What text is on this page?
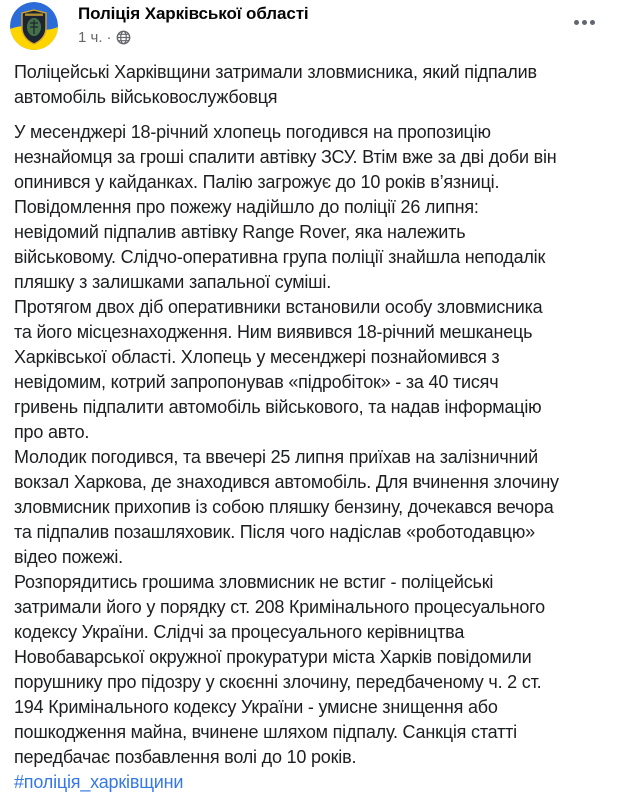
Поліція Харківської області
1 ч. ·
Поліцейські Харківщини затримали зловмисника, який підпалив
автомобіль військовослужбовця
У месенджері 18-річний хлопець погодився на пропозицію
незнайомця за гроші спалити автівку ЗСУ. Втім вже за дві доби він
опинився у кайданках. Палію загрожує до 10 років в’язниці.
Повідомлення про пожежу надійшло до поліції 26 липня:
невідомий підпалив автівку Range Rover, яка належить
військовому. Слідчо-оперативна група поліції знайшла неподалік
пляшку з залишками запальної суміші.
Протягом двох діб оперативники встановили особу зловмисника
та його місцезнаходження. Ним виявився 18-річний мешканець
Харківської області. Хлопець у месенджері познайомився з
невідомим, котрий запропонував «підробіток» - за 40 тисяч
гривень підпалити автомобіль військового, та надав інформацію
про авто.
Молодик погодився, та ввечері 25 липня приїхав на залізничний
вокзал Харкова, де знаходився автомобіль. Для вчинення злочину
зловмисник прихопив із собою пляшку бензину, дочекався вечора
та підпалив позашляховик. Після чого надіслав «роботодавцю»
відео пожежі.
Розпорядитись грошима зловмисник не встиг - поліцейські
затримали його у порядку ст. 208 Кримінального процесуального
кодексу України. Слідчі за процесуального керівництва
Новобаварської окружної прокуратури міста Харків повідомили
порушнику про підозру у скоєнні злочину, передбаченому ч. 2 ст.
194 Кримінального кодексу України - умисне знищення або
пошкодження майна, вчинене шляхом підпалу. Санкція статті
передбачає позбавлення волі до 10 років.
#поліція_харківщини
